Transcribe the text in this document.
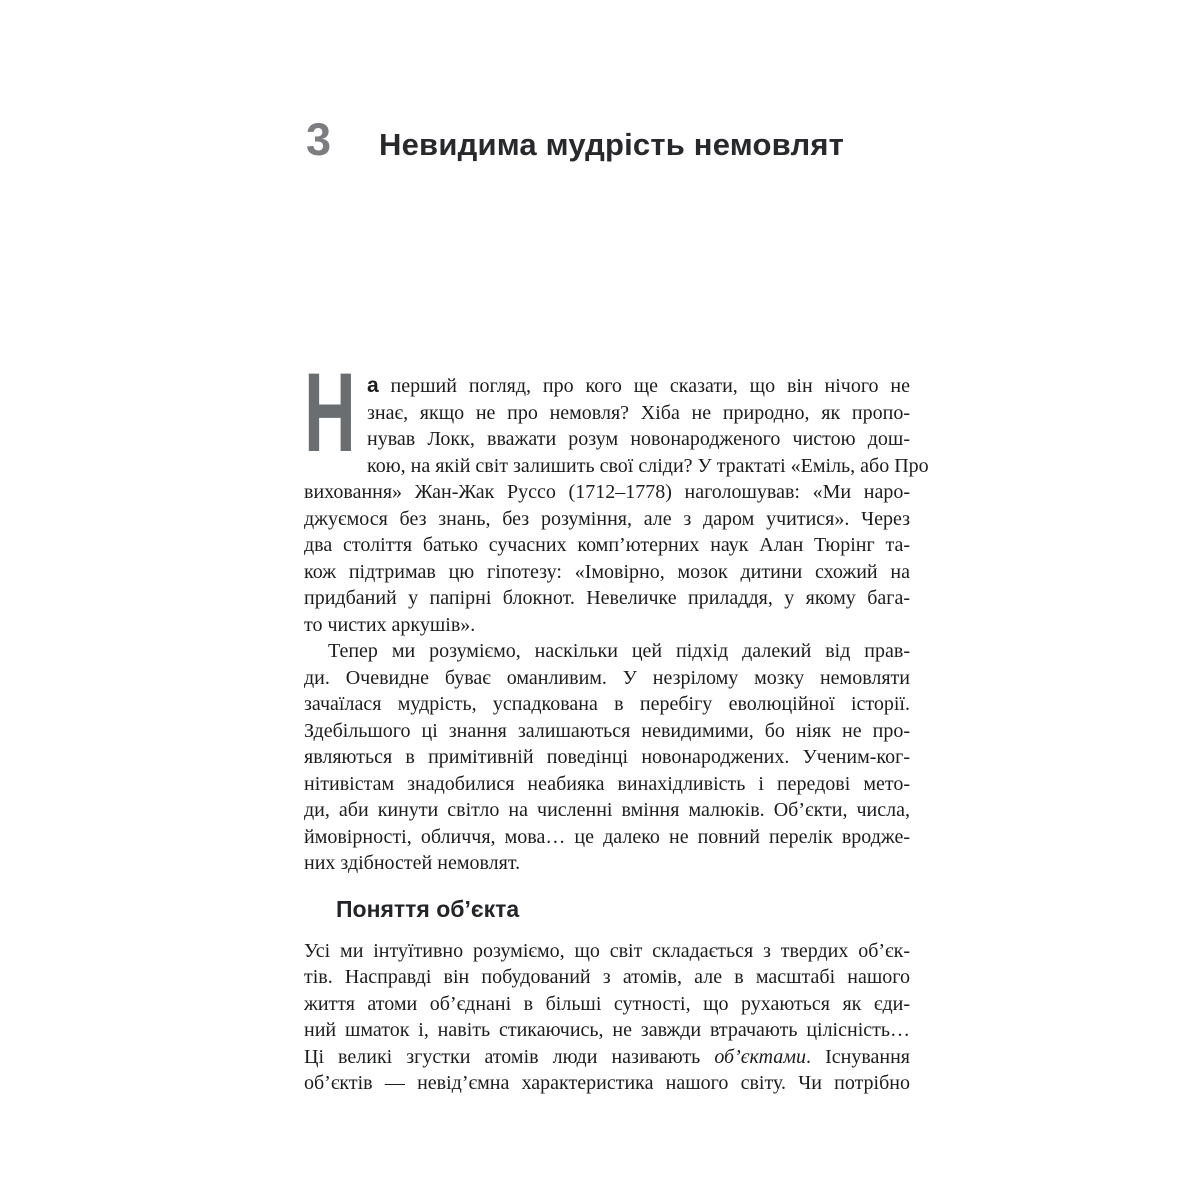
3 Невидима мудрість немовлят
Н а перший погляд, про кого ще сказати, що він нічого не
знає, якщо не про немовля? Хіба не природно, як пропо-
нував Локк, вважати розум новонародженого чистою дош-
кою, на якій світ залишить свої сліди? У трактаті «Еміль, або Про
виховання» Жан-Жак Руссо (1712–1778) наголошував: «Ми наро-
джуємося без знань, без розуміння, але з даром учитися». Через
два століття батько сучасних комп’ютерних наук Алан Тюрінг та-
кож підтримав цю гіпотезу: «Імовірно, мозок дитини схожий на
придбаний у папірні блокнот. Невеличке приладдя, у якому бага-
то чистих аркушів».
Тепер ми розуміємо, наскільки цей підхід далекий від прав-
ди. Очевидне буває оманливим. У незрілому мозку немовляти
зачаїлася мудрість, успадкована в перебігу еволюційної історії.
Здебільшого ці знання залишаються невидимими, бо ніяк не про-
являються в примітивній поведінці новонароджених. Ученим-ког-
нітивістам знадобилися неабияка винахідливість і передові мето-
ди, аби кинути світло на численні вміння малюків. Об’єкти, числа,
ймовірності, обличчя, мова… це далеко не повний перелік вродже-
них здібностей немовлят.
Поняття об’єкта
Усі ми інтуїтивно розуміємо, що світ складається з твердих об’єк-
тів. Насправді він побудований з атомів, але в масштабі нашого
життя атоми об’єднані в більші сутності, що рухаються як єди-
ний шматок і, навіть стикаючись, не завжди втрачають цілісність…
Ці великі згустки атомів люди називають об’єктами. Існування
об’єктів — невід’ємна характеристика нашого світу. Чи потрібно
